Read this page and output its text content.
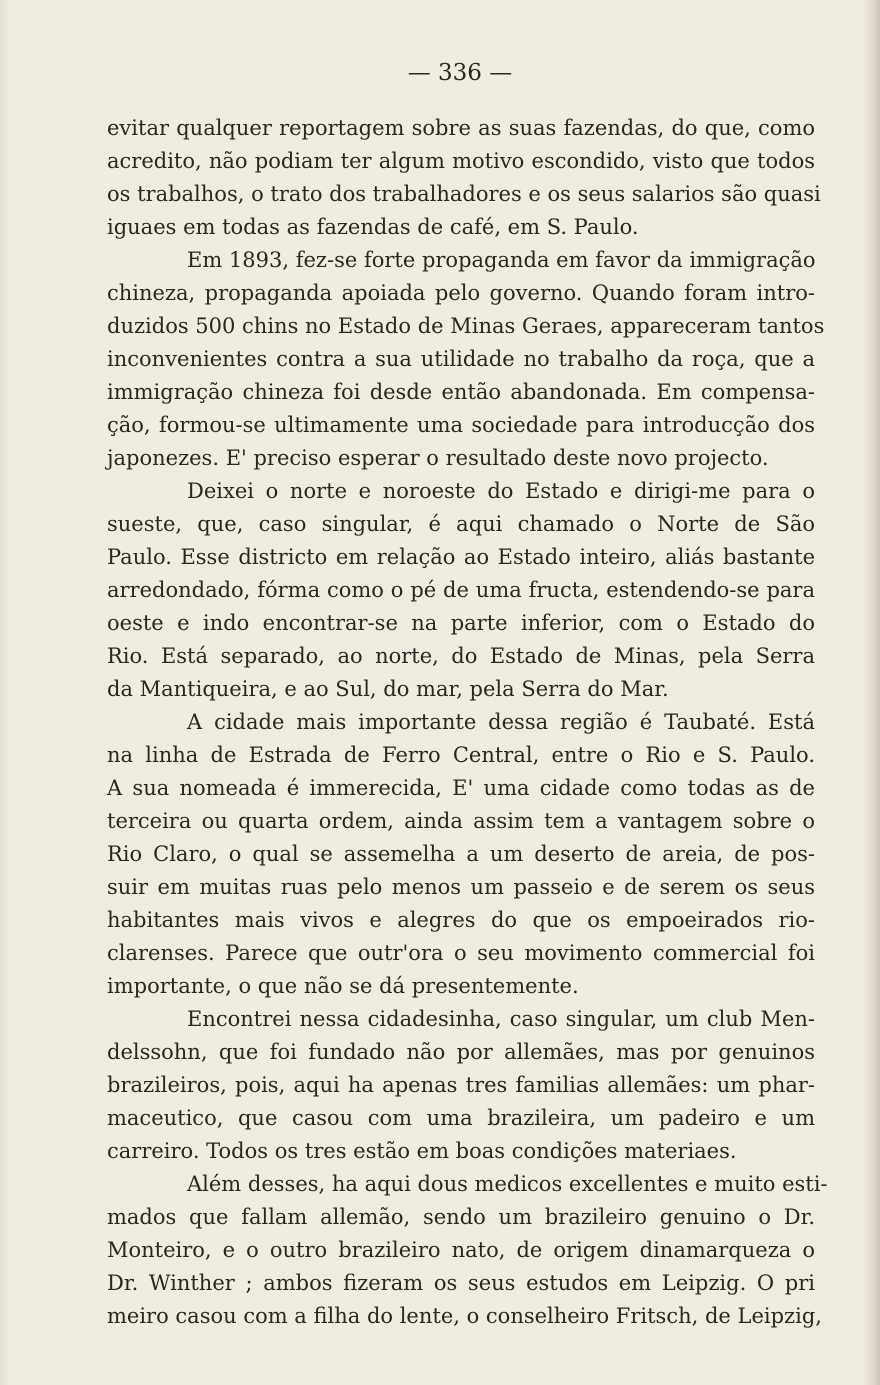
— 336 —
evitar qualquer reportagem sobre as suas fazendas, do que, como
acredito, não podiam ter algum motivo escondido, visto que todos
os trabalhos, o trato dos trabalhadores e os seus salarios são quasi
iguaes em todas as fazendas de café, em S. Paulo.
Em 1893, fez-se forte propaganda em favor da immigração
chineza, propaganda apoiada pelo governo. Quando foram intro-
duzidos 500 chins no Estado de Minas Geraes, appareceram tantos
inconvenientes contra a sua utilidade no trabalho da roça, que a
immigração chineza foi desde então abandonada. Em compensa-
ção, formou-se ultimamente uma sociedade para introducção dos
japonezes. E' preciso esperar o resultado deste novo projecto.
Deixei o norte e noroeste do Estado e dirigi-me para o
sueste, que, caso singular, é aqui chamado o Norte de São
Paulo. Esse districto em relação ao Estado inteiro, aliás bastante
arredondado, fórma como o pé de uma fructa, estendendo-se para
oeste e indo encontrar-se na parte inferior, com o Estado do
Rio. Está separado, ao norte, do Estado de Minas, pela Serra
da Mantiqueira, e ao Sul, do mar, pela Serra do Mar.
A cidade mais importante dessa região é Taubaté. Está
na linha de Estrada de Ferro Central, entre o Rio e S. Paulo.
A sua nomeada é immerecida, E' uma cidade como todas as de
terceira ou quarta ordem, ainda assim tem a vantagem sobre o
Rio Claro, o qual se assemelha a um deserto de areia, de pos-
suir em muitas ruas pelo menos um passeio e de serem os seus
habitantes mais vivos e alegres do que os empoeirados rio-
clarenses. Parece que outr'ora o seu movimento commercial foi
importante, o que não se dá presentemente.
Encontrei nessa cidadesinha, caso singular, um club Men-
delssohn, que foi fundado não por allemães, mas por genuinos
brazileiros, pois, aqui ha apenas tres familias allemães: um phar-
maceutico, que casou com uma brazileira, um padeiro e um
carreiro. Todos os tres estão em boas condições materiaes.
Além desses, ha aqui dous medicos excellentes e muito esti-
mados que fallam allemão, sendo um brazileiro genuino o Dr.
Monteiro, e o outro brazileiro nato, de origem dinamarqueza o
Dr. Winther ; ambos fizeram os seus estudos em Leipzig. O pri
meiro casou com a filha do lente, o conselheiro Fritsch, de Leipzig,
